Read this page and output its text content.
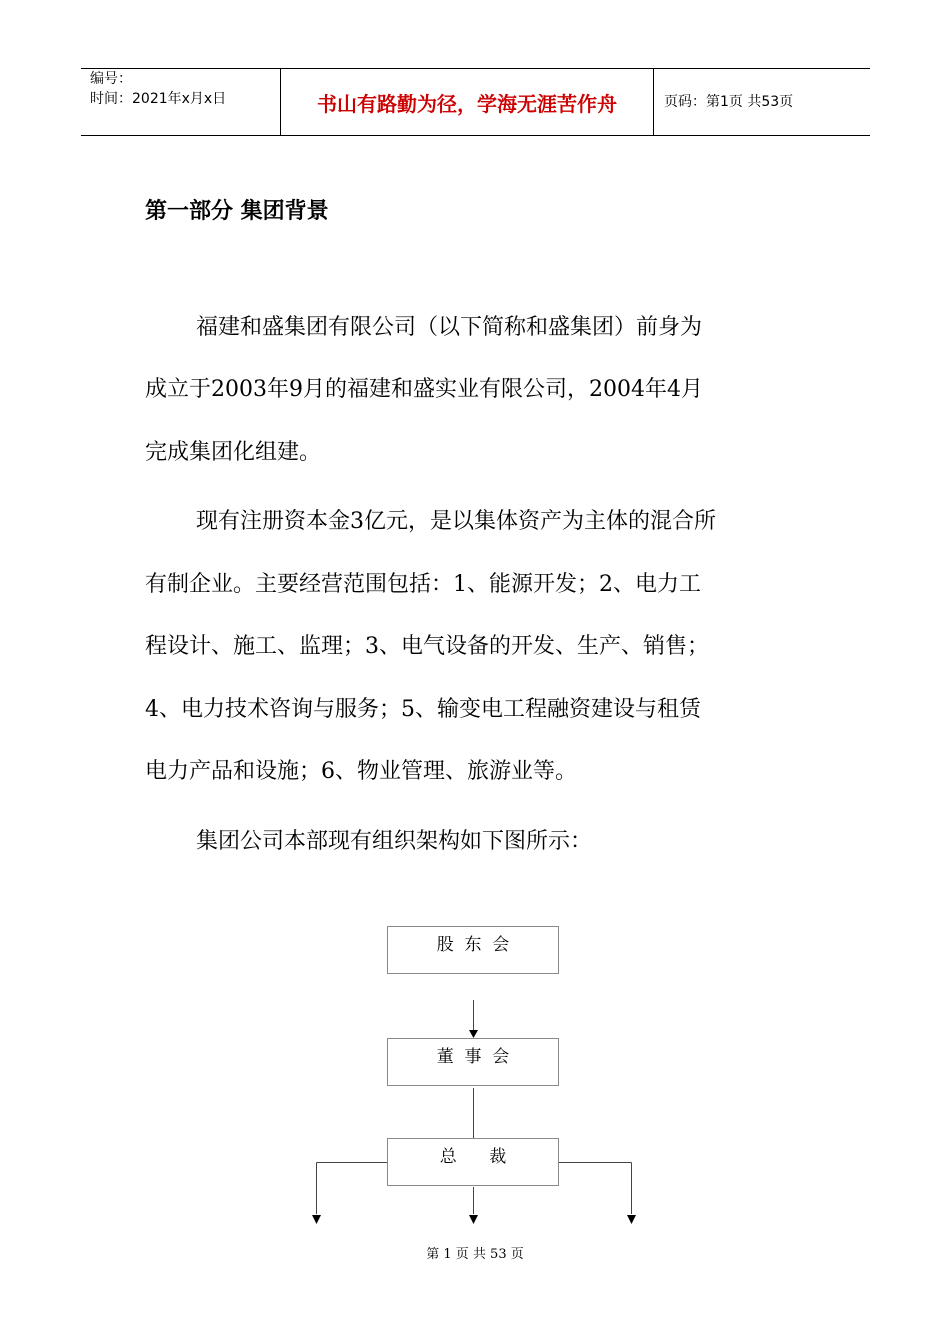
编号：
时间：2021年x月x日	书山有路勤为径，学海无涯苦作舟	页码：第1页 共53页
第一部分 集团背景
福建和盛集团有限公司（以下简称和盛集团）前身为
成立于2003年9月的福建和盛实业有限公司，2004年4月
完成集团化组建。
现有注册资本金3亿元，是以集体资产为主体的混合所
有制企业。主要经营范围包括：1、能源开发；2、电力工
程设计、施工、监理；3、电气设备的开发、生产、销售；
4、电力技术咨询与服务；5、输变电工程融资建设与租赁
电力产品和设施；6、物业管理、旅游业等。
集团公司本部现有组织架构如下图所示：
股  东  会
董  事  会
总      裁
第 1 页 共 53 页
